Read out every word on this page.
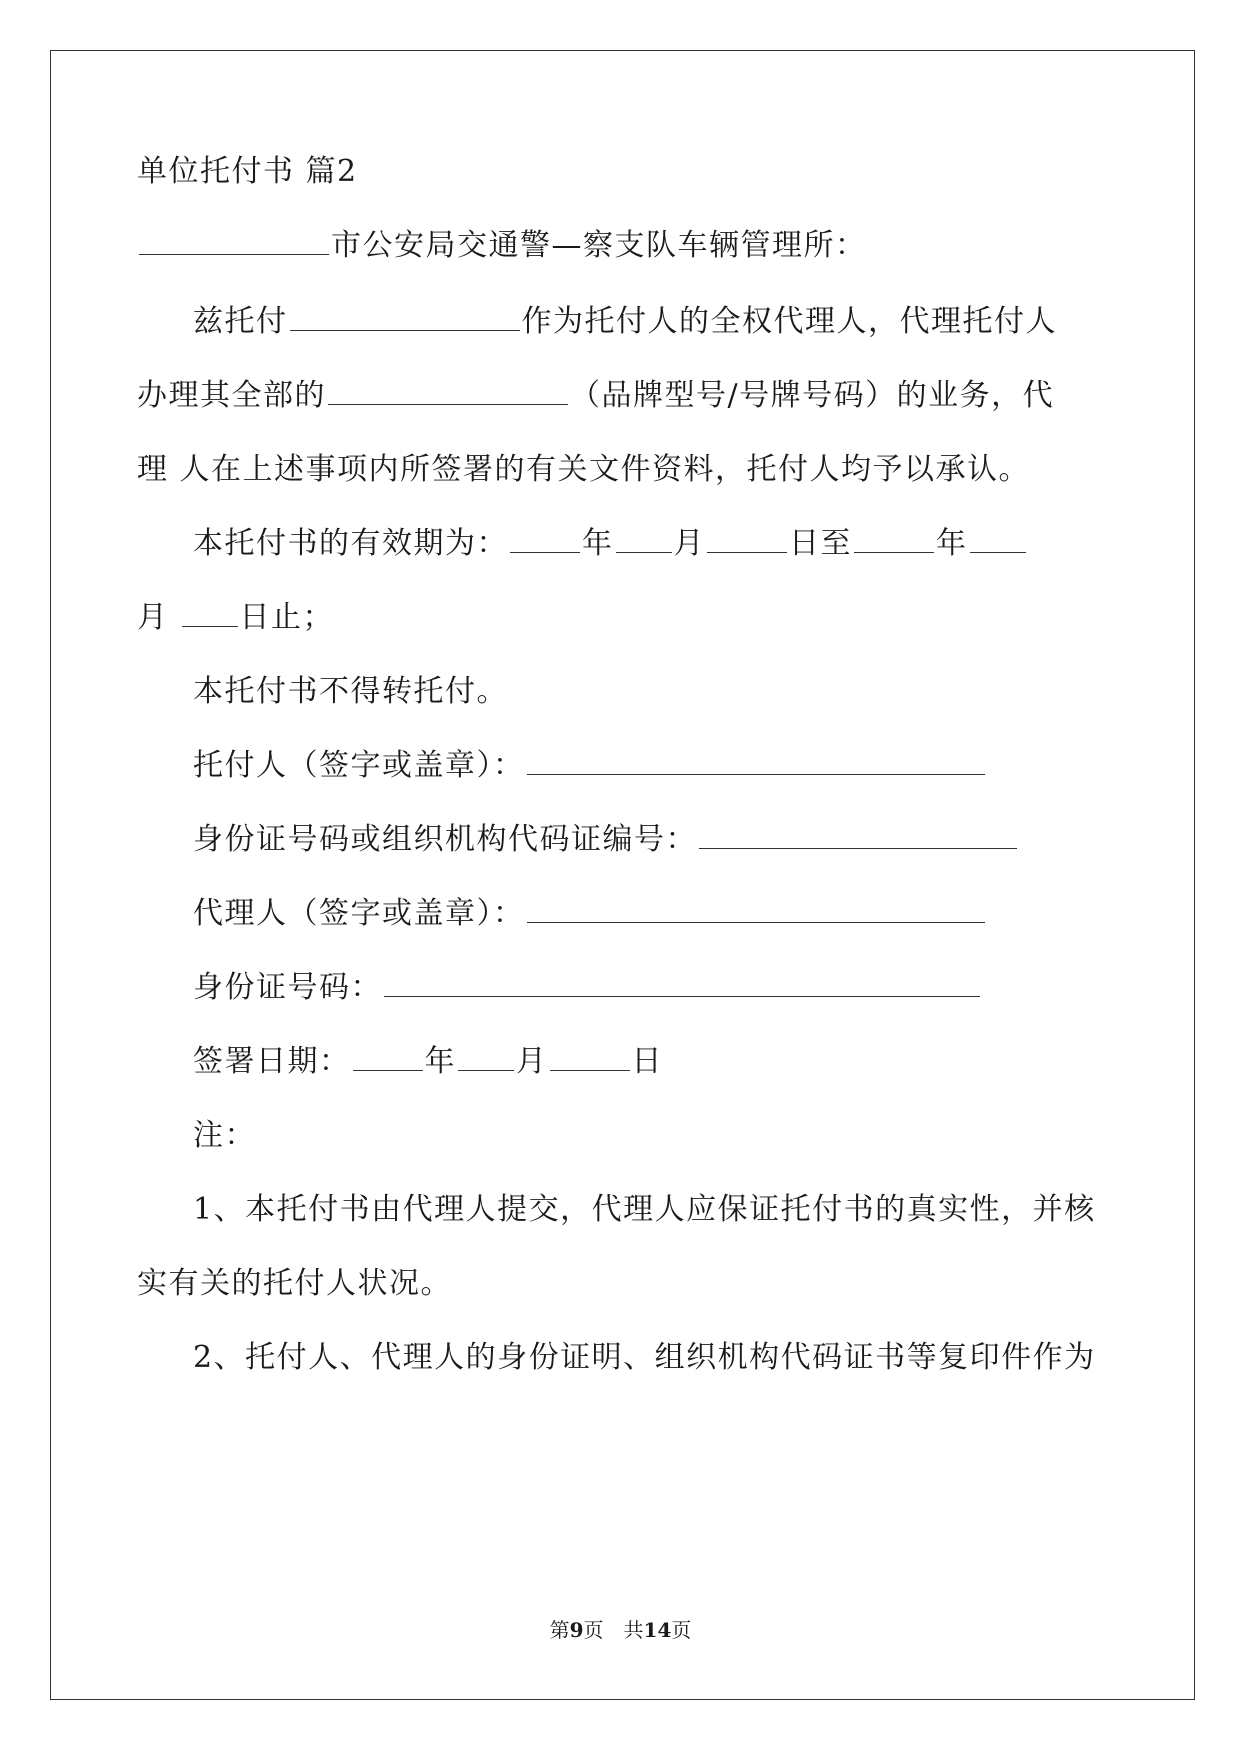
单位托付书 篇2
市公安局交通警—察支队车辆管理所：
兹托付	作为托付人的全权代理人，代理托付人
办理其全部的	（品牌型号/号牌号码）的业务，代
理 人在上述事项内所签署的有关文件资料，托付人均予以承认。
本托付书的有效期为： 年 月	日至	年
月 日止；
本托付书不得转托付。
托付人（签字或盖章）：
身份证号码或组织机构代码证编号：
代理人（签字或盖章）：
身份证号码：
签署日期： 年 月	日
注：
1、本托付书由代理人提交，代理人应保证托付书的真实性，并核
实有关的托付人状况。
2、托付人、代理人的身份证明、组织机构代码证书等复印件作为
第9页　共14页
